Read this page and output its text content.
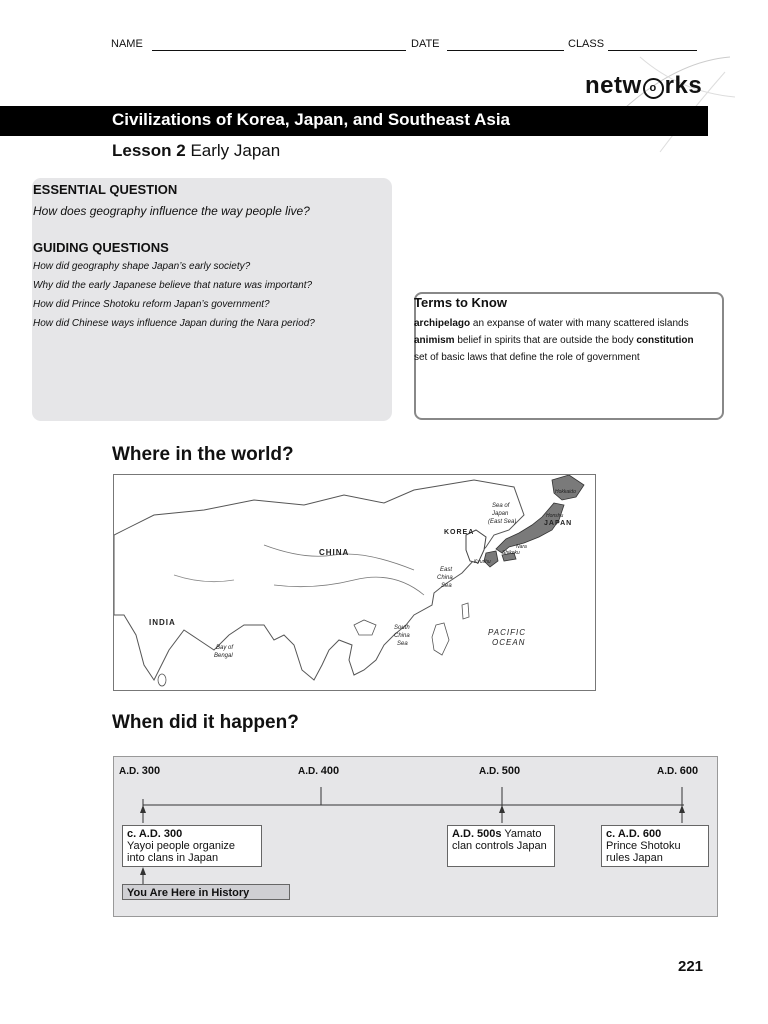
NAME	DATE	CLASS
netw o rks
Civilizations of Korea, Japan, and Southeast Asia
Lesson 2 Early Japan
ESSENTIAL QUESTION
How does geography influence the way people live?
GUIDING QUESTIONS
How did geography shape Japan’s early society?
Why did the early Japanese believe that nature was important?
How did Prince Shotoku reform Japan’s government?
How did Chinese ways influence Japan during the Nara period?
Terms to Know
archipelago an expanse of water with many scattered islands
animism belief in spirits that are outside the body constitution
set of basic laws that define the role of government
Where in the world?
CHINA
INDIA
KOREA
JAPAN
Hokkaido
Honshu
Kyushu
Shikoku
Nara
Sea of
Japan
(East Sea)
East
China
Sea
South
China
Sea
Bay of
Bengal
PACIFIC
OCEAN
When did it happen?
A.D. 300	A.D. 400	A.D. 500	A.D. 600
c. A.D. 300
Yayoi people organize
into clans in Japan
A.D. 500s Yamato
clan controls Japan
c. A.D. 600
Prince Shotoku
rules Japan
You Are Here in History
221
